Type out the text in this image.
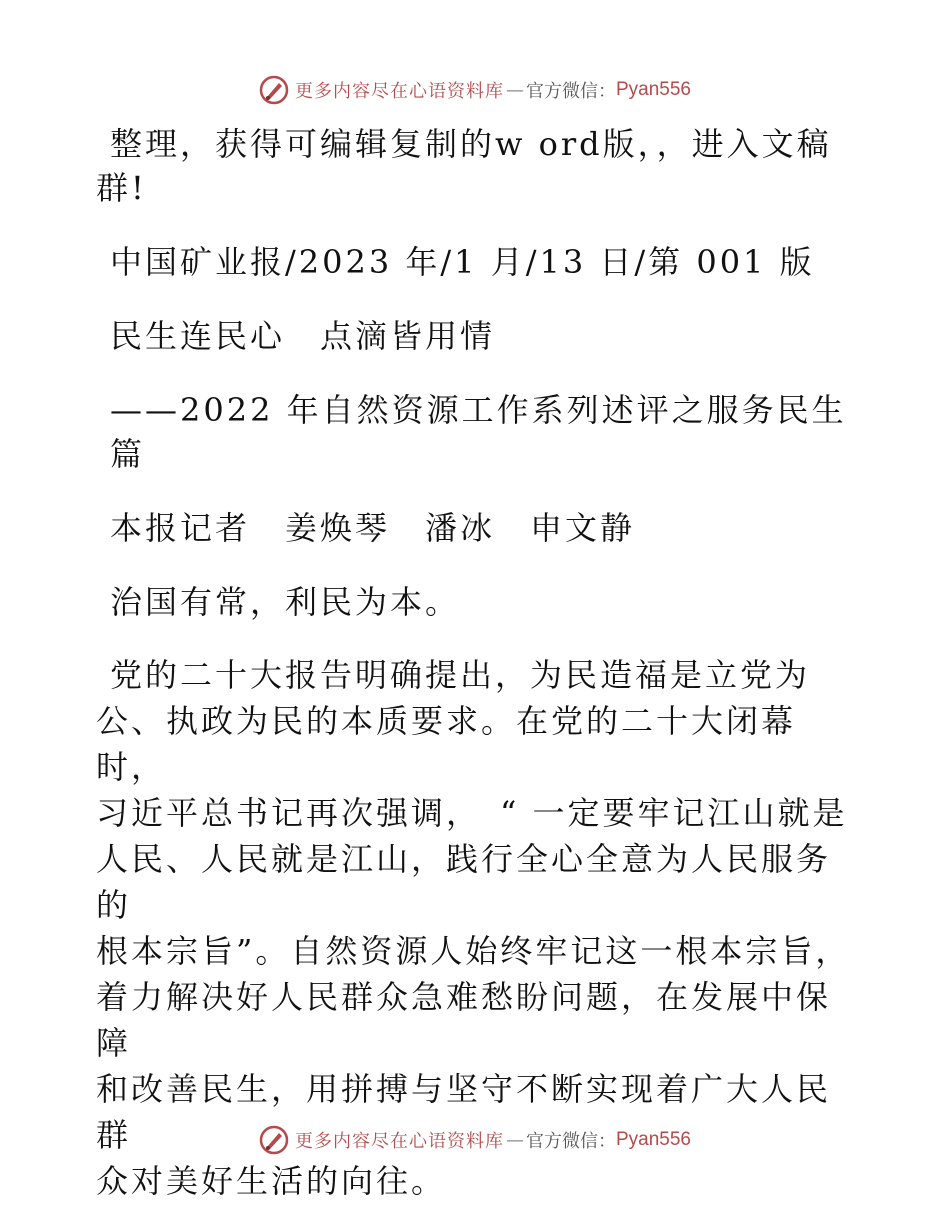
更多内容尽在心语资料库 — 官方微信： Pyan556

整理，获得可编辑复制的w ord版，，进入文稿

群!

中国矿业报/2023 年/1 月/13 日/第 001 版

民生连民心　点滴皆用情

——2022 年自然资源工作系列述评之服务民生篇

本报记者　姜焕琴　潘冰　申文静

治国有常，利民为本。

党的二十大报告明确提出，为民造福是立党为

公、执政为民的本质要求。在党的二十大闭幕时，

习近平总书记再次强调，　“ 一定要牢记江山就是

人民、人民就是江山，践行全心全意为人民服务的

根本宗旨”。自然资源人始终牢记这一根本宗旨，

着力解决好人民群众急难愁盼问题，在发展中保障

和改善民生，用拼搏与坚守不断实现着广大人民群

众对美好生活的向往。

更多内容尽在心语资料库 — 官方微信： Pyan556
